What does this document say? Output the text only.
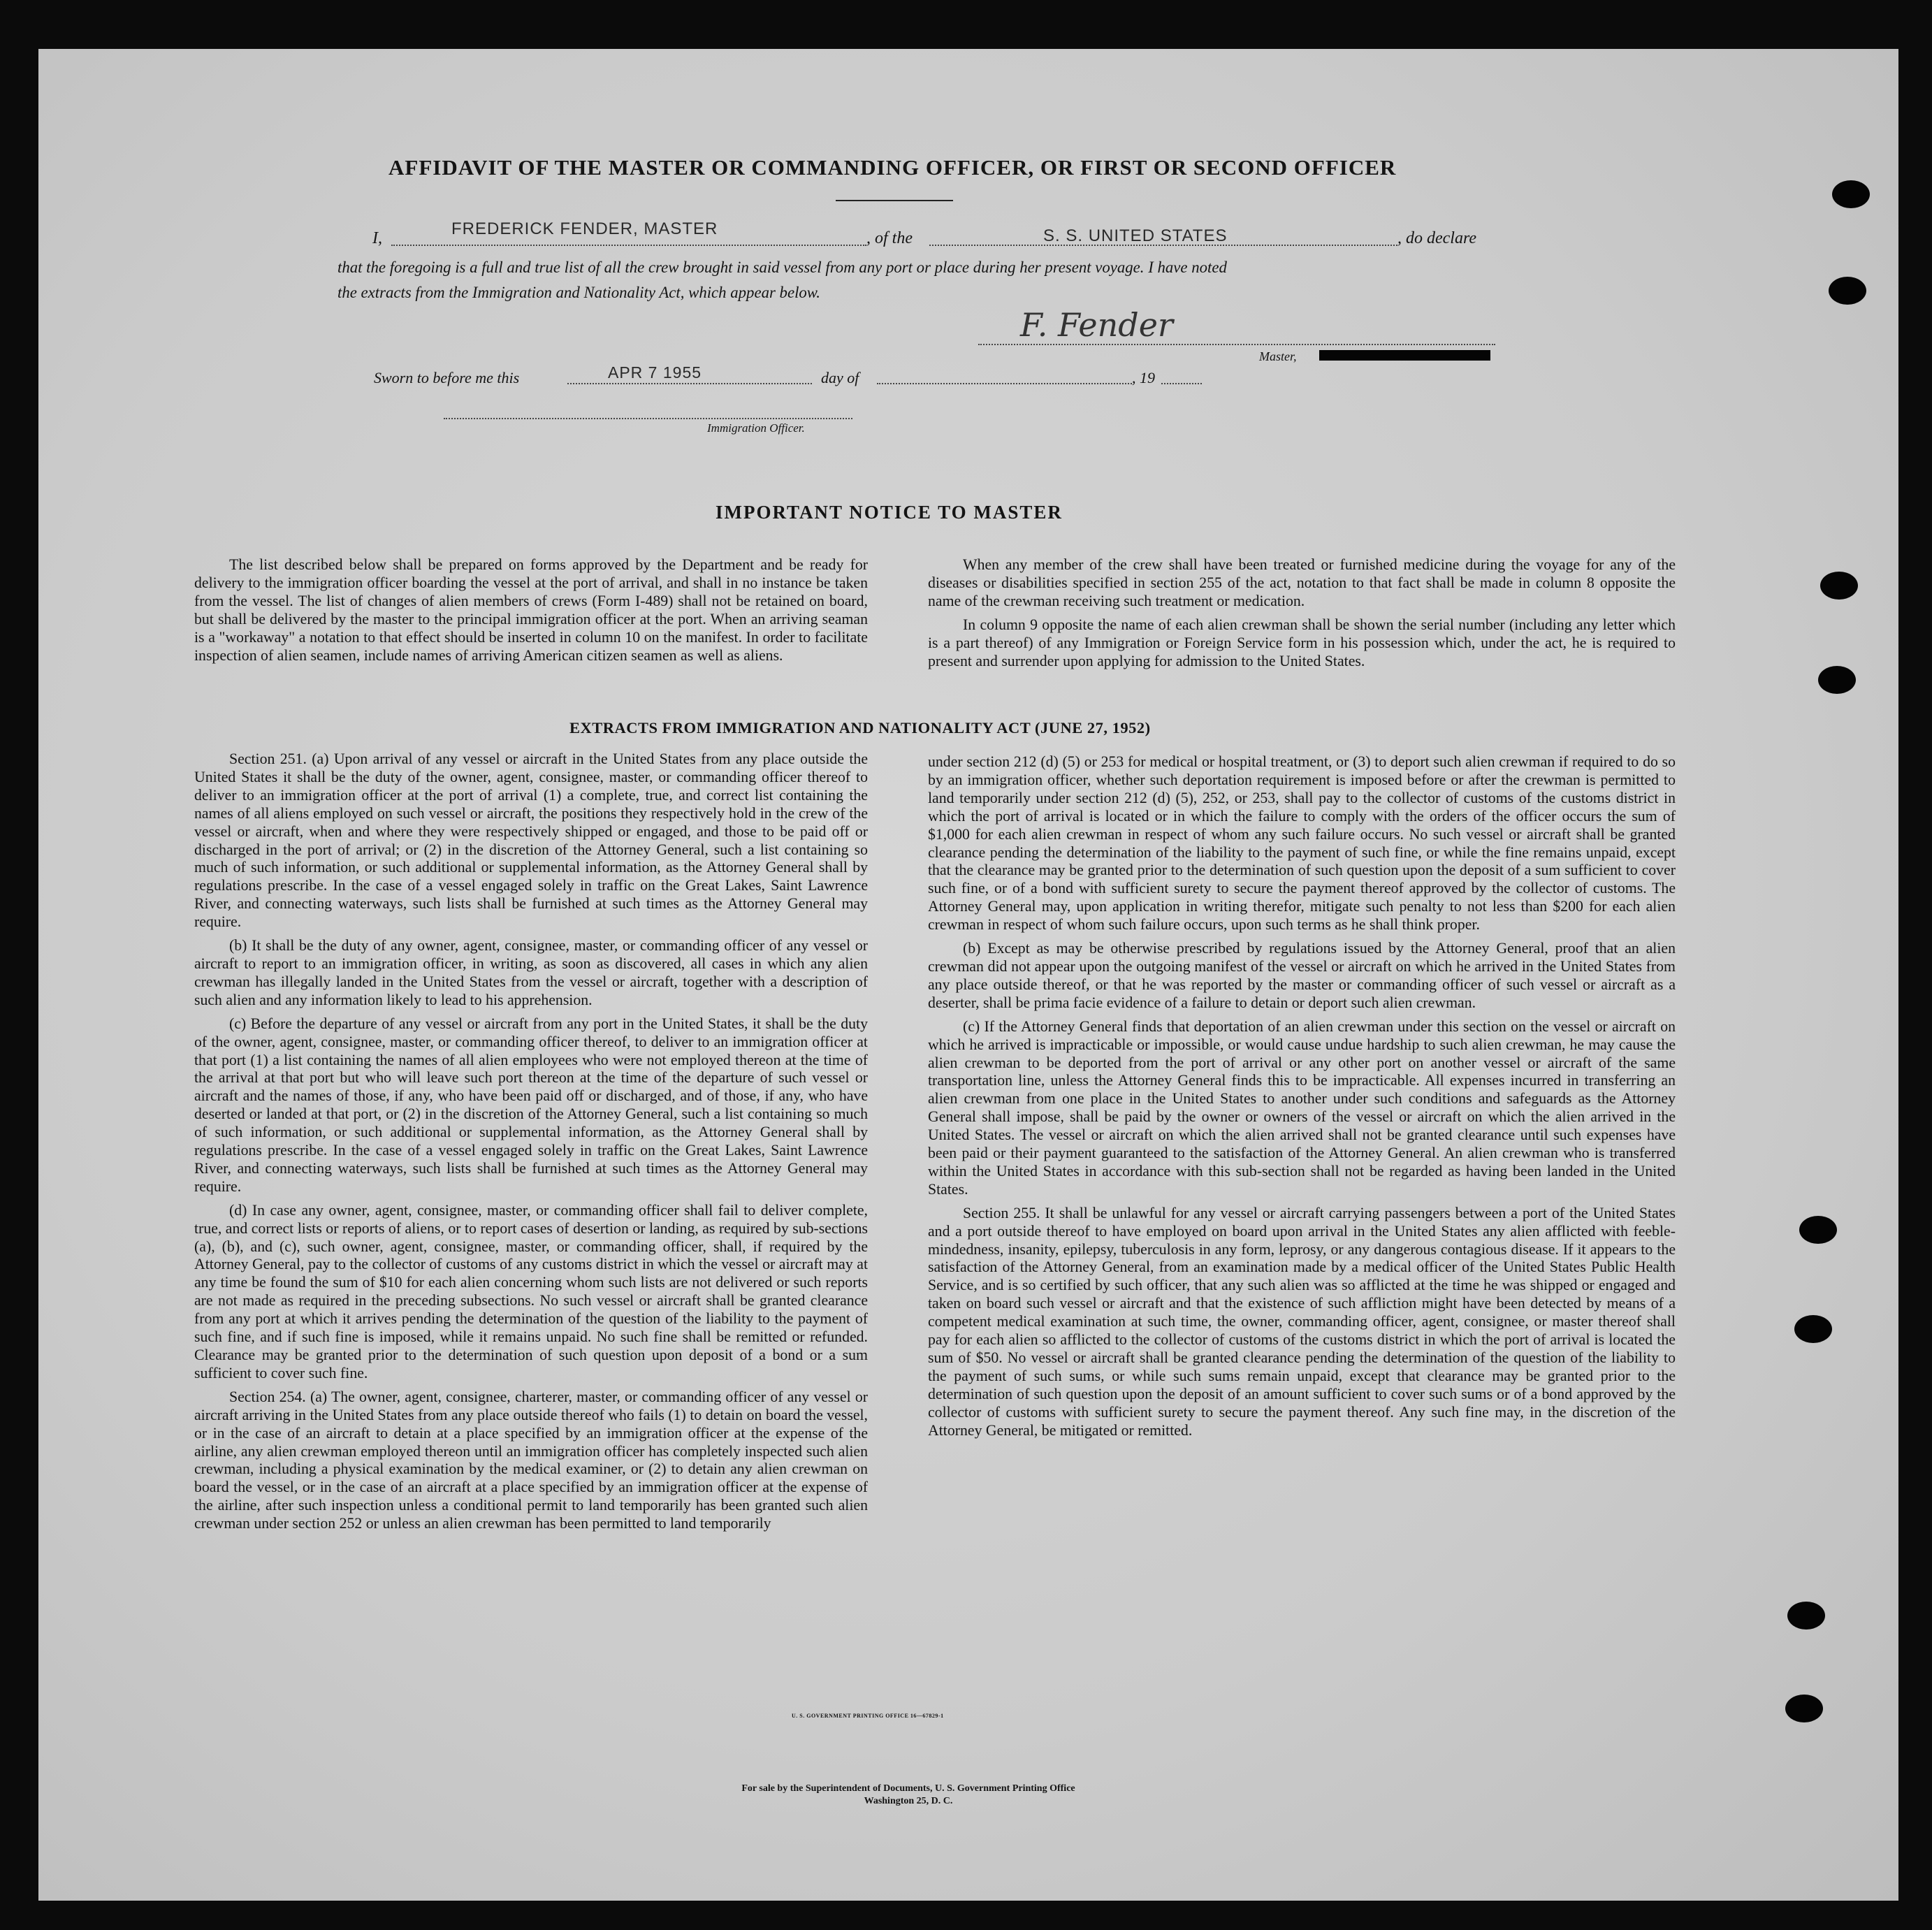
AFFIDAVIT OF THE MASTER OR COMMANDING OFFICER, OR FIRST OR SECOND OFFICER
I,	FREDERICK FENDER, MASTER	, of the	S. S. UNITED STATES	, do declare
that the foregoing is a full and true list of all the crew brought in said vessel from any port or place during her present voyage. I have noted
the extracts from the Immigration and Nationality Act, which appear below.
F. Fender
Master,
Sworn to before me this	APR 7 1955	day of	, 19
Immigration Officer.
IMPORTANT NOTICE TO MASTER

The list described below shall be prepared on forms approved by the Department and be ready for delivery to the immigration officer boarding the vessel at the port of arrival, and shall in no instance be taken from the vessel. The list of changes of alien members of crews (Form I-489) shall not be retained on board, but shall be delivered by the master to the principal immigration officer at the port. When an arriving seaman is a "workaway" a notation to that effect should be inserted in column 10 on the manifest. In order to facilitate inspection of alien seamen, include names of arriving American citizen seamen as well as aliens.

When any member of the crew shall have been treated or furnished medicine during the voyage for any of the diseases or disabilities specified in section 255 of the act, notation to that fact shall be made in column 8 opposite the name of the crewman receiving such treatment or medication.

In column 9 opposite the name of each alien crewman shall be shown the serial number (including any letter which is a part thereof) of any Immigration or Foreign Service form in his possession which, under the act, he is required to present and surrender upon applying for admission to the United States.

EXTRACTS FROM IMMIGRATION AND NATIONALITY ACT (JUNE 27, 1952)

Section 251. (a) Upon arrival of any vessel or aircraft in the United States from any place outside the United States it shall be the duty of the owner, agent, consignee, master, or commanding officer thereof to deliver to an immigration officer at the port of arrival (1) a complete, true, and correct list containing the names of all aliens employed on such vessel or aircraft, the positions they respectively hold in the crew of the vessel or aircraft, when and where they were respectively shipped or engaged, and those to be paid off or discharged in the port of arrival; or (2) in the discretion of the Attorney General, such a list containing so much of such information, or such additional or supplemental information, as the Attorney General shall by regulations prescribe. In the case of a vessel engaged solely in traffic on the Great Lakes, Saint Lawrence River, and connecting waterways, such lists shall be furnished at such times as the Attorney General may require.

(b) It shall be the duty of any owner, agent, consignee, master, or commanding officer of any vessel or aircraft to report to an immigration officer, in writing, as soon as discovered, all cases in which any alien crewman has illegally landed in the United States from the vessel or aircraft, together with a description of such alien and any information likely to lead to his apprehension.

(c) Before the departure of any vessel or aircraft from any port in the United States, it shall be the duty of the owner, agent, consignee, master, or commanding officer thereof, to deliver to an immigration officer at that port (1) a list containing the names of all alien employees who were not employed thereon at the time of the arrival at that port but who will leave such port thereon at the time of the departure of such vessel or aircraft and the names of those, if any, who have been paid off or discharged, and of those, if any, who have deserted or landed at that port, or (2) in the discretion of the Attorney General, such a list containing so much of such information, or such additional or supplemental information, as the Attorney General shall by regulations prescribe. In the case of a vessel engaged solely in traffic on the Great Lakes, Saint Lawrence River, and connecting waterways, such lists shall be furnished at such times as the Attorney General may require.

(d) In case any owner, agent, consignee, master, or commanding officer shall fail to deliver complete, true, and correct lists or reports of aliens, or to report cases of desertion or landing, as required by sub-sections (a), (b), and (c), such owner, agent, consignee, master, or commanding officer, shall, if required by the Attorney General, pay to the collector of customs of any customs district in which the vessel or aircraft may at any time be found the sum of $10 for each alien concerning whom such lists are not delivered or such reports are not made as required in the preceding subsections. No such vessel or aircraft shall be granted clearance from any port at which it arrives pending the determination of the question of the liability to the payment of such fine, and if such fine is imposed, while it remains unpaid. No such fine shall be remitted or refunded. Clearance may be granted prior to the determination of such question upon deposit of a bond or a sum sufficient to cover such fine.

Section 254. (a) The owner, agent, consignee, charterer, master, or commanding officer of any vessel or aircraft arriving in the United States from any place outside thereof who fails (1) to detain on board the vessel, or in the case of an aircraft to detain at a place specified by an immigration officer at the expense of the airline, any alien crewman employed thereon until an immigration officer has completely inspected such alien crewman, including a physical examination by the medical examiner, or (2) to detain any alien crewman on board the vessel, or in the case of an aircraft at a place specified by an immigration officer at the expense of the airline, after such inspection unless a conditional permit to land temporarily has been granted such alien crewman under section 252 or unless an alien crewman has been permitted to land temporarily

under section 212 (d) (5) or 253 for medical or hospital treatment, or (3) to deport such alien crewman if required to do so by an immigration officer, whether such deportation requirement is imposed before or after the crewman is permitted to land temporarily under section 212 (d) (5), 252, or 253, shall pay to the collector of customs of the customs district in which the port of arrival is located or in which the failure to comply with the orders of the officer occurs the sum of $1,000 for each alien crewman in respect of whom any such failure occurs. No such vessel or aircraft shall be granted clearance pending the determination of the liability to the payment of such fine, or while the fine remains unpaid, except that the clearance may be granted prior to the determination of such question upon the deposit of a sum sufficient to cover such fine, or of a bond with sufficient surety to secure the payment thereof approved by the collector of customs. The Attorney General may, upon application in writing therefor, mitigate such penalty to not less than $200 for each alien crewman in respect of whom such failure occurs, upon such terms as he shall think proper.

(b) Except as may be otherwise prescribed by regulations issued by the Attorney General, proof that an alien crewman did not appear upon the outgoing manifest of the vessel or aircraft on which he arrived in the United States from any place outside thereof, or that he was reported by the master or commanding officer of such vessel or aircraft as a deserter, shall be prima facie evidence of a failure to detain or deport such alien crewman.

(c) If the Attorney General finds that deportation of an alien crewman under this section on the vessel or aircraft on which he arrived is impracticable or impossible, or would cause undue hardship to such alien crewman, he may cause the alien crewman to be deported from the port of arrival or any other port on another vessel or aircraft of the same transportation line, unless the Attorney General finds this to be impracticable. All expenses incurred in transferring an alien crewman from one place in the United States to another under such conditions and safeguards as the Attorney General shall impose, shall be paid by the owner or owners of the vessel or aircraft on which the alien arrived in the United States. The vessel or aircraft on which the alien arrived shall not be granted clearance until such expenses have been paid or their payment guaranteed to the satisfaction of the Attorney General. An alien crewman who is transferred within the United States in accordance with this sub-section shall not be regarded as having been landed in the United States.

Section 255. It shall be unlawful for any vessel or aircraft carrying passengers between a port of the United States and a port outside thereof to have employed on board upon arrival in the United States any alien afflicted with feeble-mindedness, insanity, epilepsy, tuberculosis in any form, leprosy, or any dangerous contagious disease. If it appears to the satisfaction of the Attorney General, from an examination made by a medical officer of the United States Public Health Service, and is so certified by such officer, that any such alien was so afflicted at the time he was shipped or engaged and taken on board such vessel or aircraft and that the existence of such affliction might have been detected by means of a competent medical examination at such time, the owner, commanding officer, agent, consignee, or master thereof shall pay for each alien so afflicted to the collector of customs of the customs district in which the port of arrival is located the sum of $50. No vessel or aircraft shall be granted clearance pending the determination of the question of the liability to the payment of such sums, or while such sums remain unpaid, except that clearance may be granted prior to the determination of such question upon the deposit of an amount sufficient to cover such sums or of a bond approved by the collector of customs with sufficient surety to secure the payment thereof. Any such fine may, in the discretion of the Attorney General, be mitigated or remitted.

U. S. GOVERNMENT PRINTING OFFICE 16—67829-1
For sale by the Superintendent of Documents, U. S. Government Printing Office
Washington 25, D. C.
